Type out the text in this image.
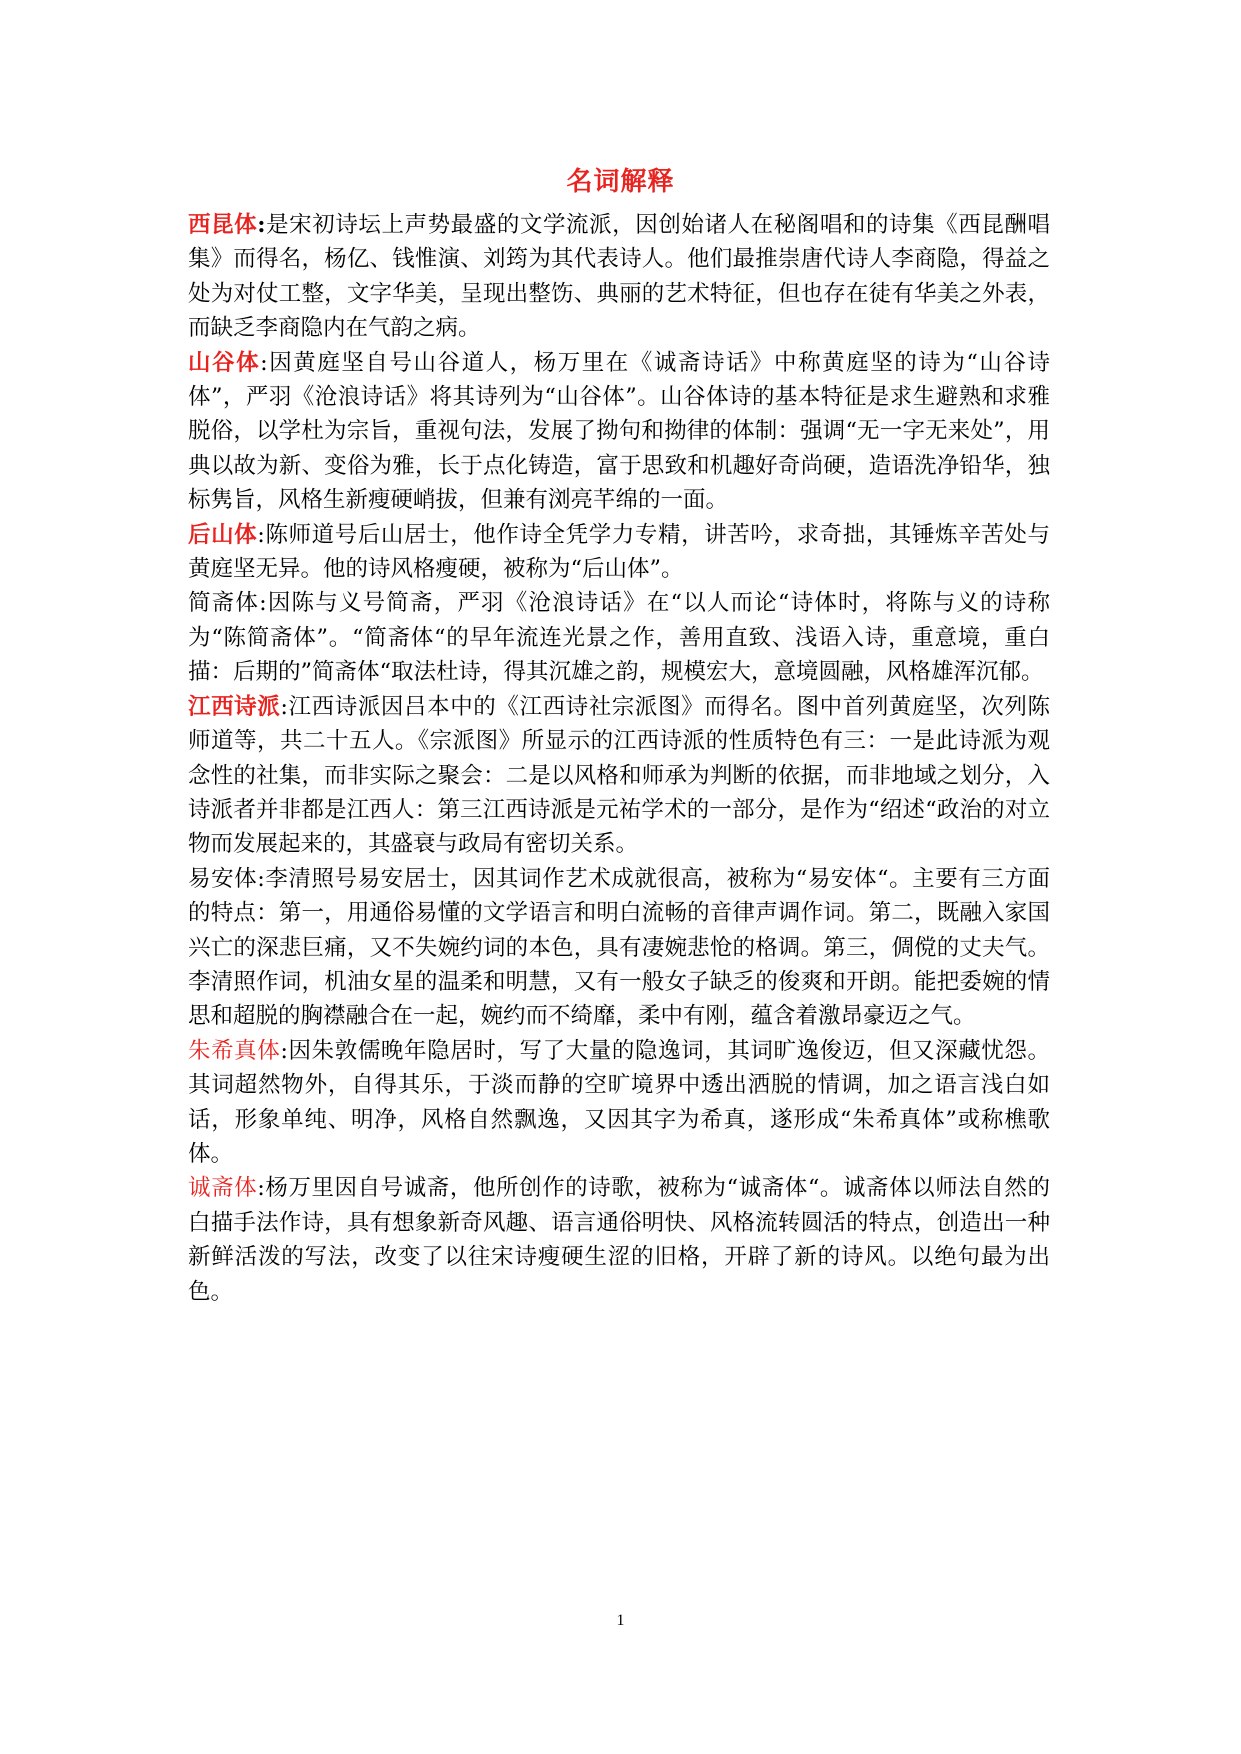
名词解释

西昆体:是宋初诗坛上声势最盛的文学流派，因创始诸人在秘阁唱和的诗集《西昆酬唱集》而得名，杨亿、钱惟演、刘筠为其代表诗人。他们最推崇唐代诗人李商隐，得益之处为对仗工整，文字华美，呈现出整饬、典丽的艺术特征，但也存在徒有华美之外表，而缺乏李商隐内在气韵之病。

山谷体:因黄庭坚自号山谷道人，杨万里在《诚斋诗话》中称黄庭坚的诗为“山谷诗体”，严羽《沧浪诗话》将其诗列为“山谷体”。山谷体诗的基本特征是求生避熟和求雅脱俗，以学杜为宗旨，重视句法，发展了拗句和拗律的体制：强调“无一字无来处”，用典以故为新、变俗为雅，长于点化铸造，富于思致和机趣好奇尚硬，造语洗净铅华，独标隽旨，风格生新瘦硬峭拔，但兼有浏亮芊绵的一面。

后山体:陈师道号后山居士，他作诗全凭学力专精，讲苦吟，求奇拙，其锤炼辛苦处与黄庭坚无异。他的诗风格瘦硬，被称为“后山体”。

简斋体:因陈与义号简斋，严羽《沧浪诗话》在“以人而论“诗体时，将陈与义的诗称为“陈简斋体”。“简斋体“的早年流连光景之作，善用直致、浅语入诗，重意境，重白描：后期的”简斋体“取法杜诗，得其沉雄之韵，规模宏大，意境圆融，风格雄浑沉郁。

江西诗派:江西诗派因吕本中的《江西诗社宗派图》而得名。图中首列黄庭坚，次列陈师道等，共二十五人。《宗派图》所显示的江西诗派的性质特色有三：一是此诗派为观念性的社集，而非实际之聚会：二是以风格和师承为判断的依据，而非地域之划分，入诗派者并非都是江西人：第三江西诗派是元祐学术的一部分，是作为“绍述“政治的对立物而发展起来的，其盛衰与政局有密切关系。

易安体:李清照号易安居士，因其词作艺术成就很高，被称为“易安体“。主要有三方面的特点：第一，用通俗易懂的文学语言和明白流畅的音律声调作词。第二，既融入家国兴亡的深悲巨痛，又不失婉约词的本色，具有凄婉悲怆的格调。第三，倜傥的丈夫气。李清照作词，机油女星的温柔和明慧，又有一般女子缺乏的俊爽和开朗。能把委婉的情思和超脱的胸襟融合在一起，婉约而不绮靡，柔中有刚，蕴含着激昂豪迈之气。

朱希真体:因朱敦儒晚年隐居时，写了大量的隐逸词，其词旷逸俊迈，但又深藏忧怨。其词超然物外，自得其乐，于淡而静的空旷境界中透出洒脱的情调，加之语言浅白如话，形象单纯、明净，风格自然飘逸，又因其字为希真，遂形成“朱希真体”或称樵歌体。

诚斋体:杨万里因自号诚斋，他所创作的诗歌，被称为“诚斋体“。诚斋体以师法自然的白描手法作诗，具有想象新奇风趣、语言通俗明快、风格流转圆活的特点，创造出一种新鲜活泼的写法，改变了以往宋诗瘦硬生涩的旧格，开辟了新的诗风。以绝句最为出色。

1
